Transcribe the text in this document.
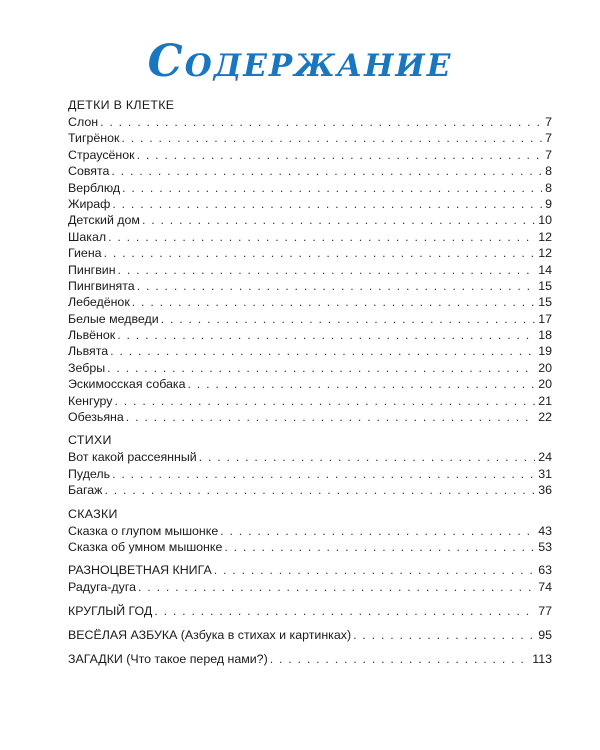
Содержание
ДЕТКИ В КЛЕТКЕ
Слон . . .	7
Тигрёнок . . .	7
Страусёнок . . .	7
Совята . . .	8
Верблюд . . .	8
Жираф . . .	9
Детский дом . . .	10
Шакал . . .	12
Гиена . . .	12
Пингвин . . .	14
Пингвинята . . .	15
Лебедёнок . . .	15
Белые медведи . . .	17
Львёнок . . .	18
Львята . . .	19
Зебры . . .	20
Эскимосская собака . . .	20
Кенгуру . . .	21
Обезьяна . . .	22
СТИХИ
Вот какой рассеянный . . .	24
Пудель . . .	31
Багаж . . .	36
СКАЗКИ
Сказка о глупом мышонке . . .	43
Сказка об умном мышонке . . .	53
РАЗНОЦВЕТНАЯ КНИГА . . .	63
Радуга-дуга . . .	74
КРУГЛЫЙ ГОД . . .	77
ВЕСЁЛАЯ АЗБУКА (Азбука в стихах и картинках) . . .	95
ЗАГАДКИ (Что такое перед нами?) . . .	113
